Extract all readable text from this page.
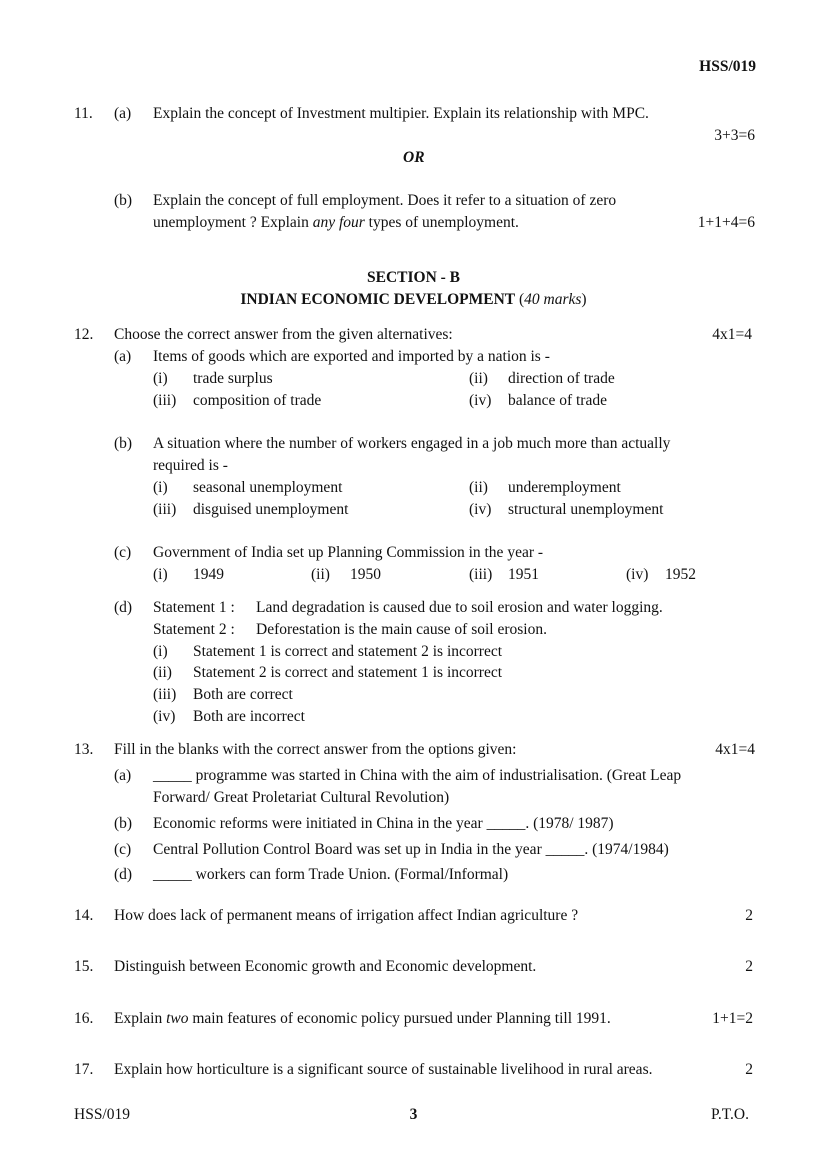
HSS/019
11. (a) Explain the concept of Investment multipier. Explain its relationship with MPC.
3+3=6
OR
(b) Explain the concept of full employment. Does it refer to a situation of zero
unemployment ? Explain any four types of unemployment.	1+1+4=6
SECTION - B
INDIAN ECONOMIC DEVELOPMENT (40 marks)
12. Choose the correct answer from the given alternatives:	4x1=4
(a) Items of goods which are exported and imported by a nation is -
(i) trade surplus	(ii) direction of trade
(iii) composition of trade	(iv) balance of trade
(b) A situation where the number of workers engaged in a job much more than actually
required is -
(i) seasonal unemployment	(ii) underemployment
(iii) disguised unemployment	(iv) structural unemployment
(c) Government of India set up Planning Commission in the year -
(i) 1949	(ii) 1950	(iii) 1951	(iv) 1952
(d) Statement 1 : Land degradation is caused due to soil erosion and water logging.
Statement 2 : Deforestation is the main cause of soil erosion.
(i) Statement 1 is correct and statement 2 is incorrect
(ii) Statement 2 is correct and statement 1 is incorrect
(iii) Both are correct
(iv) Both are incorrect
13. Fill in the blanks with the correct answer from the options given:	4x1=4
(a) _____ programme was started in China with the aim of industrialisation. (Great Leap
Forward/ Great Proletariat Cultural Revolution)
(b) Economic reforms were initiated in China in the year _____. (1978/ 1987)
(c) Central Pollution Control Board was set up in India in the year _____. (1974/1984)
(d) _____ workers can form Trade Union. (Formal/Informal)
14. How does lack of permanent means of irrigation affect Indian agriculture ?	2
15. Distinguish between Economic growth and Economic development.	2
16. Explain two main features of economic policy pursued under Planning till 1991.	1+1=2
17. Explain how horticulture is a significant source of sustainable livelihood in rural areas.	2
HSS/019	3	P.T.O.
